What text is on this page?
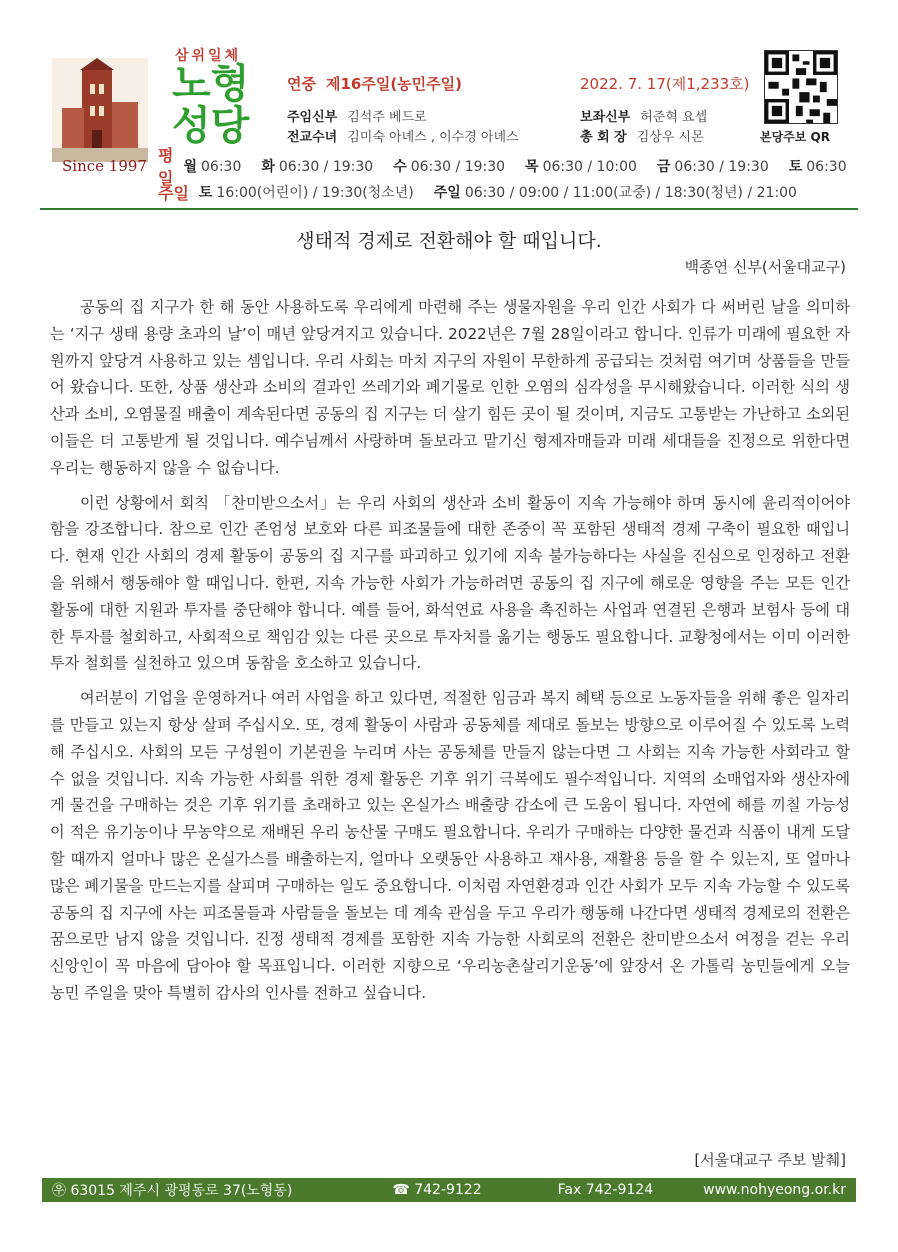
Since 1997
삼위일체
노형
성당
연중 제16주일(농민주일)	2022. 7. 17(제1,233호)
주임신부 김석주 베드로	보좌신부 허준혁 요셉
전교수녀 김미숙 아녜스 , 이수경 아녜스	총 회 장 김상우 시몬	본당주보 QR
평일
월 06:30 화 06:30 / 19:30 수 06:30 / 19:30 목 06:30 / 10:00 금 06:30 / 19:30 토 06:30
주일 토 16:00(어린이) / 19:30(청소년) 주일 06:30 / 09:00 / 11:00(교중) / 18:30(청년) / 21:00
생태적 경제로 전환해야 할 때입니다.
백종연 신부(서울대교구)

공동의 집 지구가 한 해 동안 사용하도록 우리에게 마련해 주는 생물자원을 우리 인간 사회가 다 써버린 날을 의미하는 ‘지구 생태 용량 초과의 날’이 매년 앞당겨지고 있습니다. 2022년은 7월 28일이라고 합니다. 인류가 미래에 필요한 자원까지 앞당겨 사용하고 있는 셈입니다. 우리 사회는 마치 지구의 자원이 무한하게 공급되는 것처럼 여기며 상품들을 만들어 왔습니다. 또한, 상품 생산과 소비의 결과인 쓰레기와 폐기물로 인한 오염의 심각성을 무시해왔습니다. 이러한 식의 생산과 소비, 오염물질 배출이 계속된다면 공동의 집 지구는 더 살기 힘든 곳이 될 것이며, 지금도 고통받는 가난하고 소외된이들은 더 고통받게 될 것입니다. 예수님께서 사랑하며 돌보라고 맡기신 형제자매들과 미래 세대들을 진정으로 위한다면 우리는 행동하지 않을 수 없습니다.

이런 상황에서 회칙 「찬미받으소서」는 우리 사회의 생산과 소비 활동이 지속 가능해야 하며 동시에 윤리적이어야 함을 강조합니다. 참으로 인간 존엄성 보호와 다른 피조물들에 대한 존중이 꼭 포함된 생태적 경제 구축이 필요한 때입니다. 현재 인간 사회의 경제 활동이 공동의 집 지구를 파괴하고 있기에 지속 불가능하다는 사실을 진심으로 인정하고 전환을 위해서 행동해야 할 때입니다. 한편, 지속 가능한 사회가 가능하려면 공동의 집 지구에 해로운 영향을 주는 모든 인간 활동에 대한 지원과 투자를 중단해야 합니다. 예를 들어, 화석연료 사용을 촉진하는 사업과 연결된 은행과 보험사 등에 대한 투자를 철회하고, 사회적으로 책임감 있는 다른 곳으로 투자처를 옮기는 행동도 필요합니다. 교황청에서는 이미 이러한 투자 철회를 실천하고 있으며 동참을 호소하고 있습니다.

여러분이 기업을 운영하거나 여러 사업을 하고 있다면, 적절한 임금과 복지 혜택 등으로 노동자들을 위해 좋은 일자리를 만들고 있는지 항상 살펴 주십시오. 또, 경제 활동이 사람과 공동체를 제대로 돌보는 방향으로 이루어질 수 있도록 노력해 주십시오. 사회의 모든 구성원이 기본권을 누리며 사는 공동체를 만들지 않는다면 그 사회는 지속 가능한 사회라고 할 수 없을 것입니다. 지속 가능한 사회를 위한 경제 활동은 기후 위기 극복에도 필수적입니다. 지역의 소매업자와 생산자에게 물건을 구매하는 것은 기후 위기를 초래하고 있는 온실가스 배출량 감소에 큰 도움이 됩니다. 자연에 해를 끼칠 가능성이 적은 유기농이나 무농약으로 재배된 우리 농산물 구매도 필요합니다. 우리가 구매하는 다양한 물건과 식품이 내게 도달할 때까지 얼마나 많은 온실가스를 배출하는지, 얼마나 오랫동안 사용하고 재사용, 재활용 등을 할 수 있는지, 또 얼마나 많은 폐기물을 만드는지를 살피며 구매하는 일도 중요합니다. 이처럼 자연환경과 인간 사회가 모두 지속 가능할 수 있도록 공동의 집 지구에 사는 피조물들과 사람들을 돌보는 데 계속 관심을 두고 우리가 행동해 나간다면 생태적 경제로의 전환은 꿈으로만 남지 않을 것입니다. 진정 생태적 경제를 포함한 지속 가능한 사회로의 전환은 찬미받으소서 여정을 걷는 우리 신앙인이 꼭 마음에 담아야 할 목표입니다. 이러한 지향으로 ‘우리농촌살리기운동’에 앞장서 온 가톨릭 농민들에게 오늘 농민 주일을 맞아 특별히 감사의 인사를 전하고 싶습니다.

[서울대교구 주보 발췌]
㉾ 63015 제주시 광평동로 37(노형동)	☎ 742-9122	Fax 742-9124	www.nohyeong.or.kr
